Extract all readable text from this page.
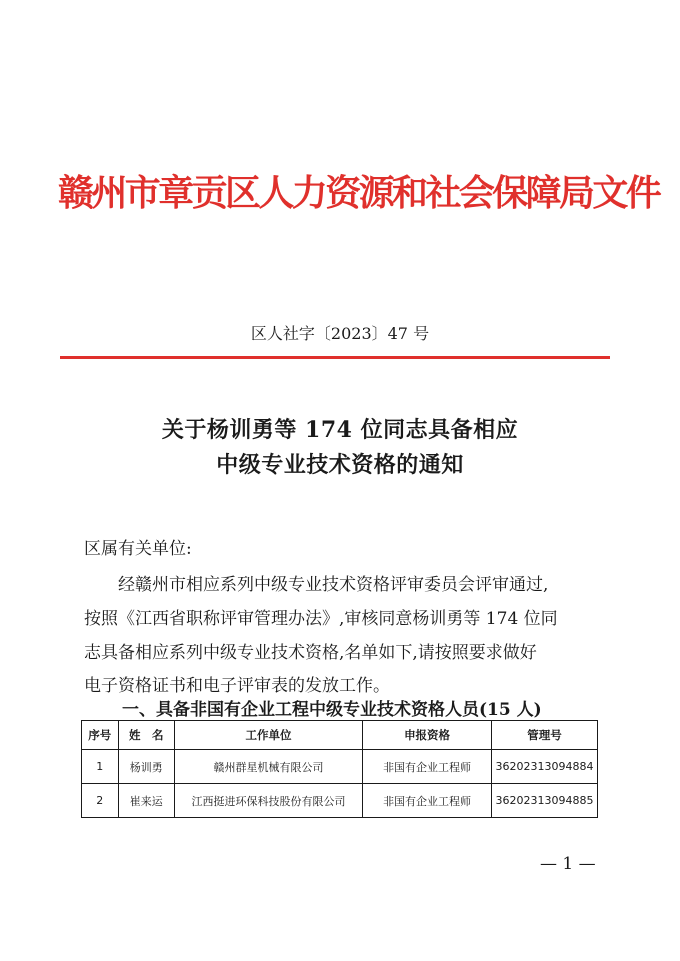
赣州市章贡区人力资源和社会保障局文件
区人社字〔2023〕47 号
关于杨训勇等 174 位同志具备相应
中级专业技术资格的通知
区属有关单位:
经赣州市相应系列中级专业技术资格评审委员会评审通过,
按照《江西省职称评审管理办法》,审核同意杨训勇等 174 位同
志具备相应系列中级专业技术资格,名单如下,请按照要求做好
电子资格证书和电子评审表的发放工作。
一、具备非国有企业工程中级专业技术资格人员(15 人)
序号	姓　名	工作单位	申报资格	管理号
1	杨训勇	赣州群星机械有限公司	非国有企业工程师	36202313094884
2	崔来运	江西挺进环保科技股份有限公司	非国有企业工程师	36202313094885
— 1 —
